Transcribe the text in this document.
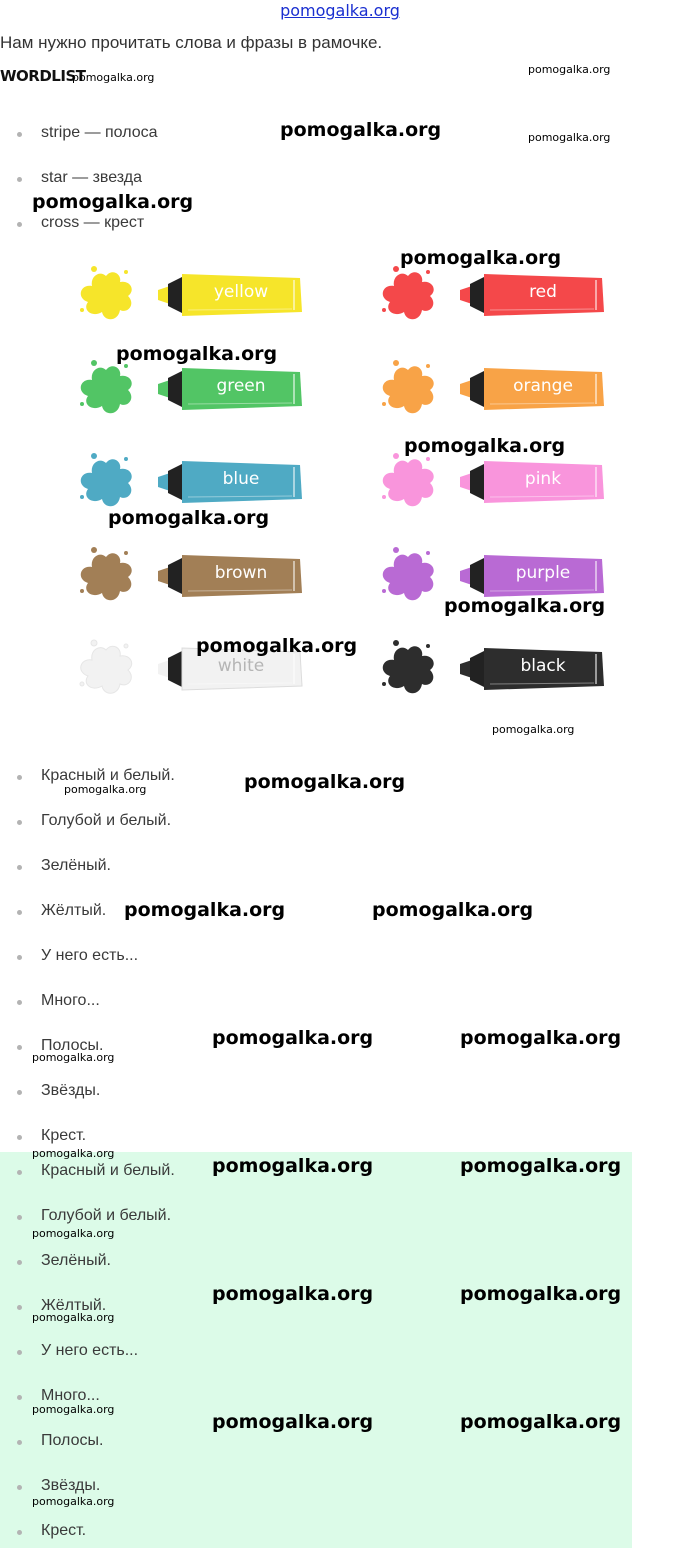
pomogalka.org
Нам нужно прочитать слова и фразы в рамочке.
WORDLIST
stripe — полоса
star — звезда
cross — крест
yellow	red
green	orange
blue	pink
brown	purple
white	black
Красный и белый.
Голубой и белый.
Зелёный.
Жёлтый.
У него есть...
Много...
Полосы.
Звёзды.
Крест.
Красный и белый.
Голубой и белый.
Зелёный.
Жёлтый.
У него есть...
Много...
Полосы.
Звёзды.
Крест.
pomogalka.org
pomogalka.org
pomogalka.org
pomogalka.org
pomogalka.org
pomogalka.org
pomogalka.org
pomogalka.org
pomogalka.org
pomogalka.org
pomogalka.org
pomogalka.org
pomogalka.org
pomogalka.org
pomogalka.org	pomogalka.org
pomogalka.org	pomogalka.org
pomogalka.org
pomogalka.org
pomogalka.org	pomogalka.org
pomogalka.org
pomogalka.org	pomogalka.org
pomogalka.org
pomogalka.org
pomogalka.org	pomogalka.org
pomogalka.org
